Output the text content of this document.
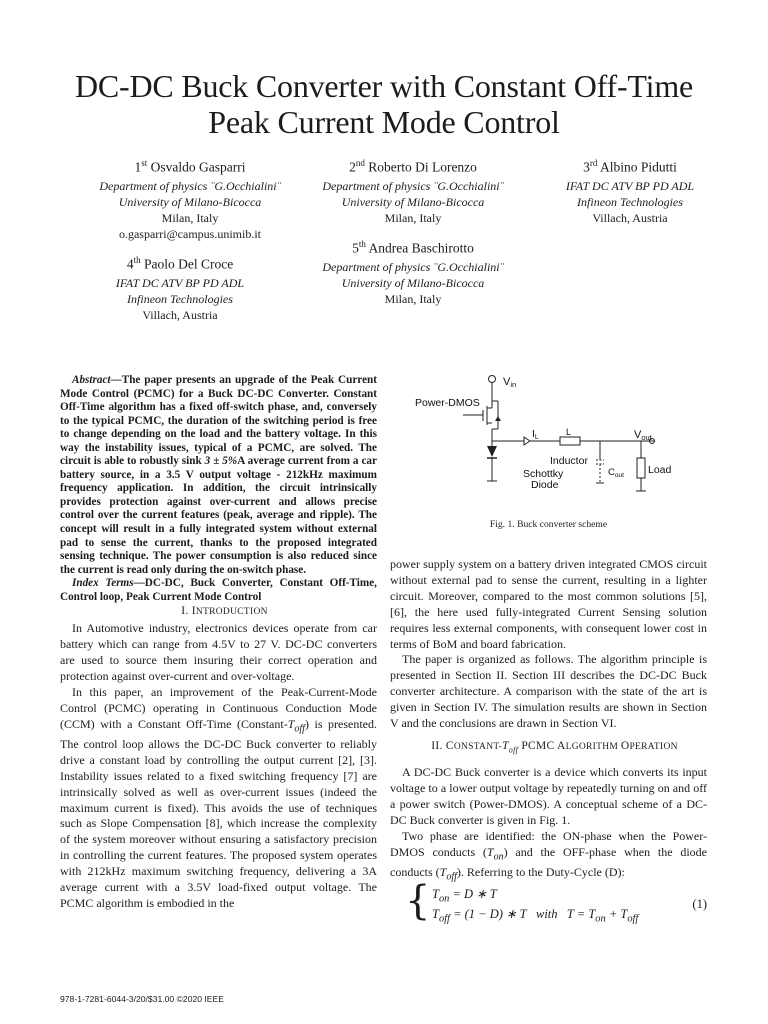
DC-DC Buck Converter with Constant Off-Time
Peak Current Mode Control
1st Osvaldo Gasparri
Department of physics ¨G.Occhialini¨
University of Milano-Bicocca
Milan, Italy
o.gasparri@campus.unimib.it
2nd Roberto Di Lorenzo
Department of physics ¨G.Occhialini¨
University of Milano-Bicocca
Milan, Italy
3rd Albino Pidutti
IFAT DC ATV BP PD ADL
Infineon Technologies
Villach, Austria
4th Paolo Del Croce
IFAT DC ATV BP PD ADL
Infineon Technologies
Villach, Austria
5th Andrea Baschirotto
Department of physics ¨G.Occhialini¨
University of Milano-Bicocca
Milan, Italy

Abstract—The paper presents an upgrade of the Peak Current Mode Control (PCMC) for a Buck DC-DC Converter. Constant Off-Time algorithm has a fixed off-switch phase, and, conversely to the typical PCMC, the duration of the switching period is free to change depending on the load and the battery voltage. In this way the instability issues, typical of a PCMC, are solved. The circuit is able to robustly sink 3 ± 5%A average current from a car battery source, in a 3.5 V output voltage - 212kHz maximum frequency application. In addition, the circuit intrinsically provides protection against over-current and allows precise control over the current features (peak, average and ripple). The concept will result in a fully integrated system without external pad to sense the current, thanks to the proposed integrated sensing technique. The power consumption is also reduced since the current is read only during the on-switch phase.

Index Terms—DC-DC, Buck Converter, Constant Off-Time, Control loop, Peak Current Mode Control

I. INTRODUCTION

In Automotive industry, electronics devices operate from car battery which can range from 4.5V to 27 V. DC-DC converters are used to source them insuring their correct operation and protection against over-current and over-voltage.

In this paper, an improvement of the Peak-Current-Mode Control (PCMC) operating in Continuous Conduction Mode (CCM) with a Constant Off-Time $(Constant-T_{off})$ is presented. The control loop allows the DC-DC Buck converter to reliably drive a constant load by controlling the output current [2], [3]. Instability issues related to a fixed switching frequency [7] are intrinsically solved as well as over-current issues (indeed the maximum current is fixed). This avoids the use of techniques such as Slope Compensation [8], which increase the complexity of the system moreover without ensuring a satisfactory precision in controlling the current features. The proposed system operates with 212kHz maximum switching frequency, delivering a 3A average current with a 3.5V load-fixed output voltage. The PCMC algorithm is embodied in the

Vin
Power-DMOS
IL
L
Inductor
Vout
Schottky
Diode
$C_{out}$ Load
Fig. 1. Buck converter scheme

power supply system on a battery driven integrated CMOS circuit without external pad to sense the current, resulting in a lighter circuit. Moreover, compared to the most common solutions [5], [6], the here used fully-integrated Current Sensing solution requires less external components, with consequent lower cost in terms of BoM and board fabrication.

The paper is organized as follows. The algorithm principle is presented in Section II. Section III describes the DC-DC Buck converter architecture. A comparison with the state of the art is given in Section IV. The simulation results are shown in Section V and the conclusions are drawn in Section VI.

II. CONSTANT-$T_{off}$ PCMC ALGORITHM OPERATION

A DC-DC Buck converter is a device which converts its input voltage to a lower output voltage by repeatedly turning on and off a power switch (Power-DMOS). A conceptual scheme of a DC-DC Buck converter is given in Fig. 1.

Two phase are identified: the ON-phase when the Power-DMOS conducts $(T_{on})$ and the OFF-phase when the diode conducts $(T_{off})$. Referring to the Duty-Cycle (D):

{ $T_{on} = D$ ∗ T
$T_{off} = (1 - D)$ ∗ T with $T = T_{on} + T_{off}$
(1)
978-1-7281-6044-3/20/$31.00 ©2020 IEEE
